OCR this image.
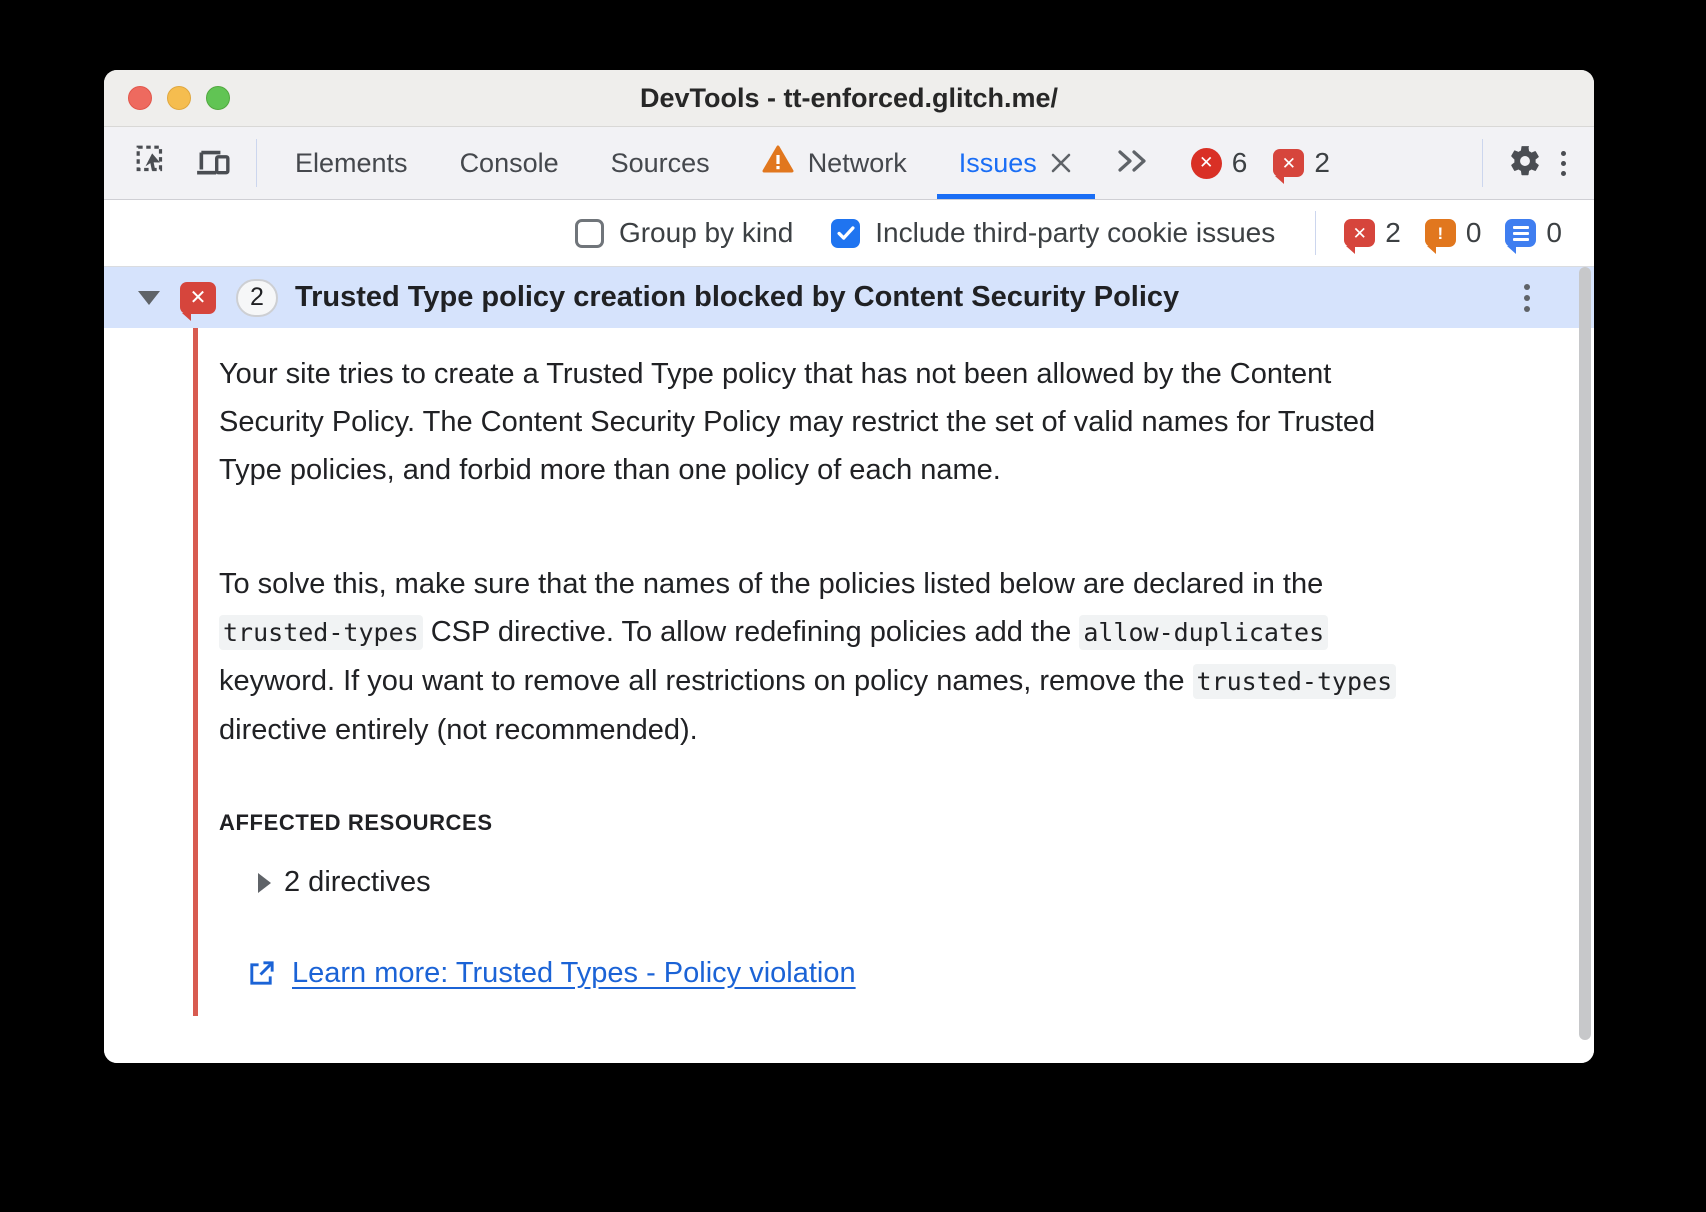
DevTools - tt-enforced.glitch.me/
Elements Console Sources	Network Issues	✕ 6 ✕ 2
Group by kind	Include third-party cookie issues	✕ 2 ! 0 0
✕	2	Trusted Type policy creation blocked by Content Security Policy

Your site tries to create a Trusted Type policy that has not been allowed by the Content Security Policy. The Content Security Policy may restrict the set of valid names for Trusted Type policies, and forbid more than one policy of each name.

To solve this, make sure that the names of the policies listed below are declared in the trusted-types CSP directive. To allow redefining policies add the allow-duplicates keyword. If you want to remove all restrictions on policy names, remove the trusted-types directive entirely (not recommended).

AFFECTED RESOURCES
2 directives
Learn more: Trusted Types - Policy violation
